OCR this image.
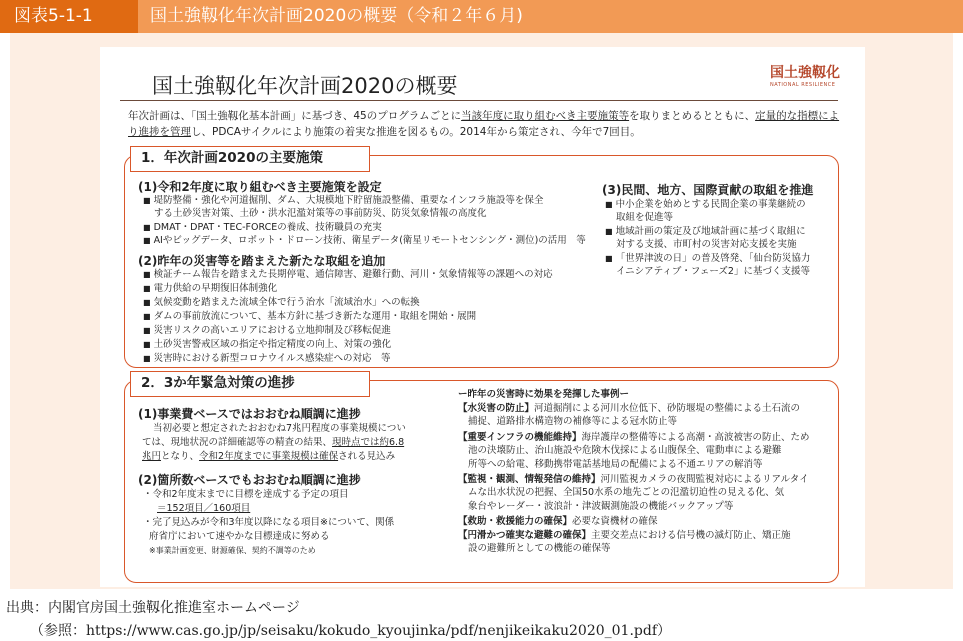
図表5-1-1	国土強靱化年次計画2020の概要（令和２年６月)
国土強靱化年次計画2020の概要
国土強靱化
NATIONAL RESILIENCE
年次計画は、「国土強靱化基本計画」に基づき、45のプログラムごとに当該年度に取り組むべき主要施策等を取りまとめるとともに、定量的な指標により進捗を管理し、PDCAサイクルにより施策の着実な推進を図るもの。2014年から策定され、今年で7回目。
1．年次計画2020の主要施策
(1)令和2年度に取り組むべき主要施策を設定
■ 堤防整備・強化や河道掘削、ダム、大規模地下貯留施設整備、重要なインフラ施設等を保全
する土砂災害対策、土砂・洪水氾濫対策等の事前防災、防災気象情報の高度化
■ DMAT・DPAT・TEC-FORCEの養成、技術職員の充実
■ AIやビッグデータ、ロボット・ドローン技術、衛星データ(衛星リモートセンシング・測位)の活用　等
(2)昨年の災害等を踏まえた新たな取組を追加
■ 検証チーム報告を踏まえた長期停電、通信障害、避難行動、河川・気象情報等の課題への対応
■ 電力供給の早期復旧体制強化
■ 気候変動を踏まえた流域全体で行う治水「流域治水」への転換
■ ダムの事前放流について、基本方針に基づき新たな運用・取組を開始・展開
■ 災害リスクの高いエリアにおける立地抑制及び移転促進
■ 土砂災害警戒区域の指定や指定精度の向上、対策の強化
■ 災害時における新型コロナウイルス感染症への対応　等
(3)民間、地方、国際貢献の取組を推進
■ 中小企業を始めとする民間企業の事業継続の
取組を促進等
■ 地域計画の策定及び地域計画に基づく取組に
対する支援、市町村の災害対応支援を実施
■ 「世界津波の日」の普及啓発、「仙台防災協力
イニシアティブ・フェーズ2」に基づく支援等
2．3か年緊急対策の進捗
(1)事業費ベースではおおむね順調に進捗
当初必要と想定されたおおむね7兆円程度の事業規模につい
ては、現地状況の詳細確認等の精査の結果、現時点では約6.8
兆円となり、令和2年度までに事業規模は確保される見込み
(2)箇所数ベースでもおおむね順調に進捗
・令和2年度末までに目標を達成する予定の項目
＝152項目／160項目
・完了見込みが令和3年度以降になる項目※について、関係
府省庁において速やかな目標達成に努める
※事業計画変更、財源確保、契約不調等のため
ー昨年の災害時に効果を発揮した事例ー
【水災害の防止】河道掘削による河川水位低下、砂防堰堤の整備による土石流の
捕捉、道路排水構造物の補修等による冠水防止等
【重要インフラの機能維持】海岸護岸の整備等による高潮・高波被害の防止、ため
池の決壊防止、治山施設や危険木伐採による山腹保全、電動車による避難
所等への給電、移動携帯電話基地局の配備による不通エリアの解消等
【監視・観測、情報発信の維持】河川監視カメラの夜間監視対応によるリアルタイ
ムな出水状況の把握、全国50水系の地先ごとの氾濫切迫性の見える化、気
象台やレーダー・波浪計・津波観測施設の機能バックアップ等
【救助・救援能力の確保】必要な資機材の確保
【円滑かつ確実な避難の確保】主要交差点における信号機の滅灯防止、矯正施
設の避難所としての機能の確保等
出典：内閣官房国土強靱化推進室ホームページ
（参照：https://www.cas.go.jp/jp/seisaku/kokudo_kyoujinka/pdf/nenjikeikaku2020_01.pdf）
